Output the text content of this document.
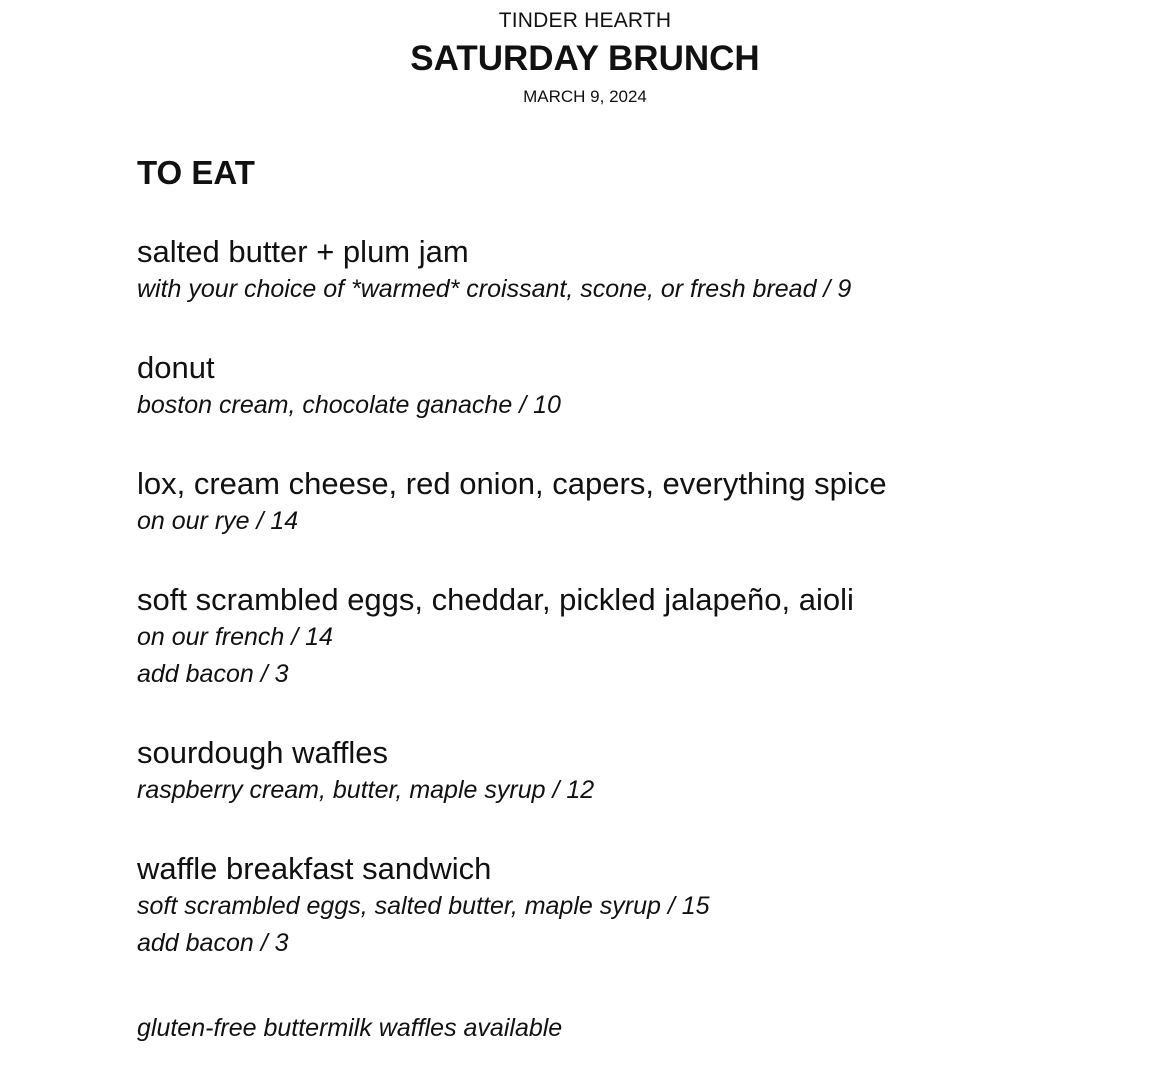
TINDER HEARTH
SATURDAY BRUNCH
MARCH 9, 2024
TO EAT
salted butter + plum jam
with your choice of *warmed* croissant, scone, or fresh bread / 9
donut
boston cream, chocolate ganache / 10
lox, cream cheese, red onion, capers, everything spice
on our rye / 14
soft scrambled eggs, cheddar, pickled jalapeño, aioli
on our french / 14
add bacon / 3
sourdough waffles
raspberry cream, butter, maple syrup / 12
waffle breakfast sandwich
soft scrambled eggs, salted butter, maple syrup / 15
add bacon / 3
gluten-free buttermilk waffles available
